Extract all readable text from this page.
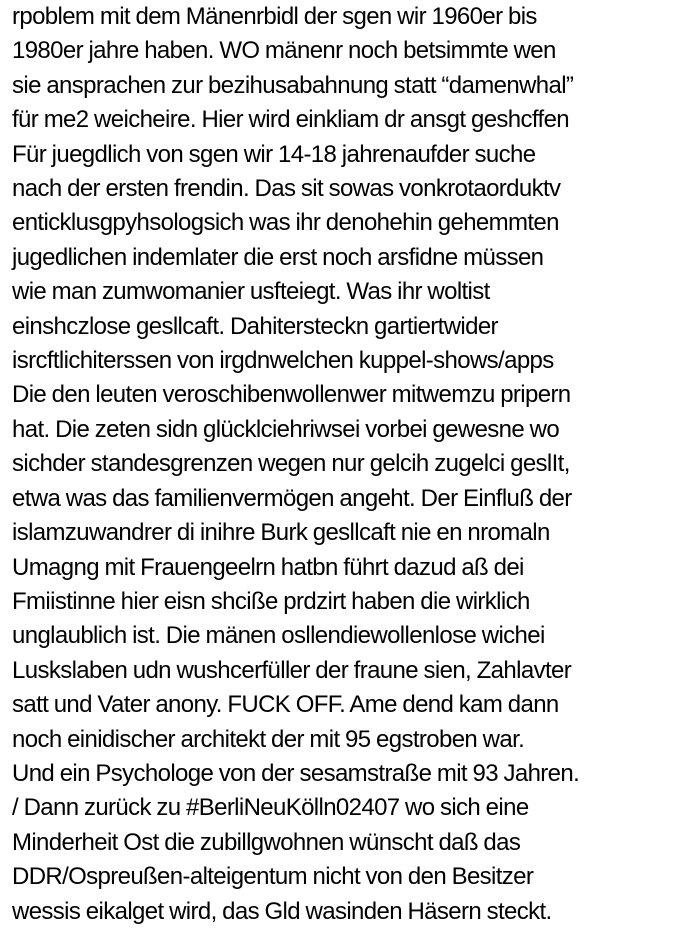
rpoblem mit dem Mänenrbidl der sgen wir 1960er bis
1980er jahre haben. WO mänenr noch betsimmte wen
sie ansprachen zur bezihusabahnung statt “damenwhal”
für me2 weicheire. Hier wird einkliam dr ansgt geshcffen
Für juegdlich von sgen wir 14-18 jahrenaufder suche
nach der ersten frendin. Das sit sowas vonkrotaorduktv
enticklusgpyhsologsich was ihr denohehin gehemmten
jugedlichen indemlater die erst noch arsfidne müssen
wie man zumwomanier usfteiegt. Was ihr woltist
einshczlose gesllcaft. Dahitersteckn gartiertwider
isrcftlichiterssen von irgdnwelchen kuppel-shows/apps
Die den leuten veroschibenwollenwer mitwemzu pripern
hat. Die zeten sidn glücklciehriwsei vorbei gewesne wo
sichder standesgrenzen wegen nur gelcih zugelci geslIt,
etwa was das familienvermögen angeht. Der Einfluß der
islamzuwandrer di inihre Burk gesllcaft nie en nromaln
Umagng mit Frauengeelrn hatbn führt dazud aß dei
Fmiistinne hier eisn shciße prdzirt haben die wirklich
unglaublich ist. Die mänen osllendiewollenlose wichei
Luskslaben udn wushcerfüller der fraune sien, Zahlavter
satt und Vater anony. FUCK OFF. Ame dend kam dann
noch einidischer architekt der mit 95 egstroben war.
Und ein Psychologe von der sesamstraße mit 93 Jahren.
/ Dann zurück zu #BerliNeuKölln02407 wo sich eine
Minderheit Ost die zubillgwohnen wünscht daß das
DDR/Ospreußen-alteigentum nicht von den Besitzer
wessis eikalget wird, das Gld wasinden Häsern steckt.
